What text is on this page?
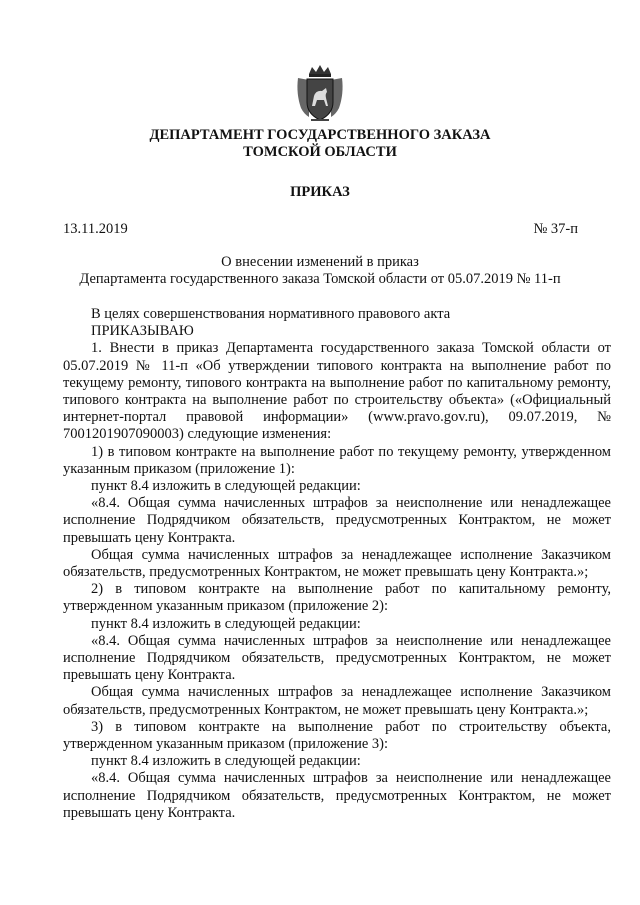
ДЕПАРТАМЕНТ ГОСУДАРСТВЕННОГО ЗАКАЗА
ТОМСКОЙ ОБЛАСТИ
ПРИКАЗ
13.11.2019	№ 37-п
О внесении изменений в приказ
Департамента государственного заказа Томской области от 05.07.2019 № 11-п

В целях совершенствования нормативного правового акта

ПРИКАЗЫВАЮ

1. Внести в приказ Департамента государственного заказа Томской области от 05.07.2019 № 11-п «Об утверждении типового контракта на выполнение работ по текущему ремонту, типового контракта на выполнение работ по капитальному ремонту, типового контракта на выполнение работ по строительству объекта» («Официальный интернет-портал правовой информации» (www.pravo.gov.ru), 09.07.2019, № 7001201907090003) следующие изменения:

1) в типовом контракте на выполнение работ по текущему ремонту, утвержденном указанным приказом (приложение 1):

пункт 8.4 изложить в следующей редакции:

«8.4. Общая сумма начисленных штрафов за неисполнение или ненадлежащее исполнение Подрядчиком обязательств, предусмотренных Контрактом, не может превышать цену Контракта.

Общая сумма начисленных штрафов за ненадлежащее исполнение Заказчиком обязательств, предусмотренных Контрактом, не может превышать цену Контракта.»;

2) в типовом контракте на выполнение работ по капитальному ремонту, утвержденном указанным приказом (приложение 2):

пункт 8.4 изложить в следующей редакции:

«8.4. Общая сумма начисленных штрафов за неисполнение или ненадлежащее исполнение Подрядчиком обязательств, предусмотренных Контрактом, не может превышать цену Контракта.

Общая сумма начисленных штрафов за ненадлежащее исполнение Заказчиком обязательств, предусмотренных Контрактом, не может превышать цену Контракта.»;

3) в типовом контракте на выполнение работ по строительству объекта, утвержденном указанным приказом (приложение 3):

пункт 8.4 изложить в следующей редакции:

«8.4. Общая сумма начисленных штрафов за неисполнение или ненадлежащее исполнение Подрядчиком обязательств, предусмотренных Контрактом, не может превышать цену Контракта.
